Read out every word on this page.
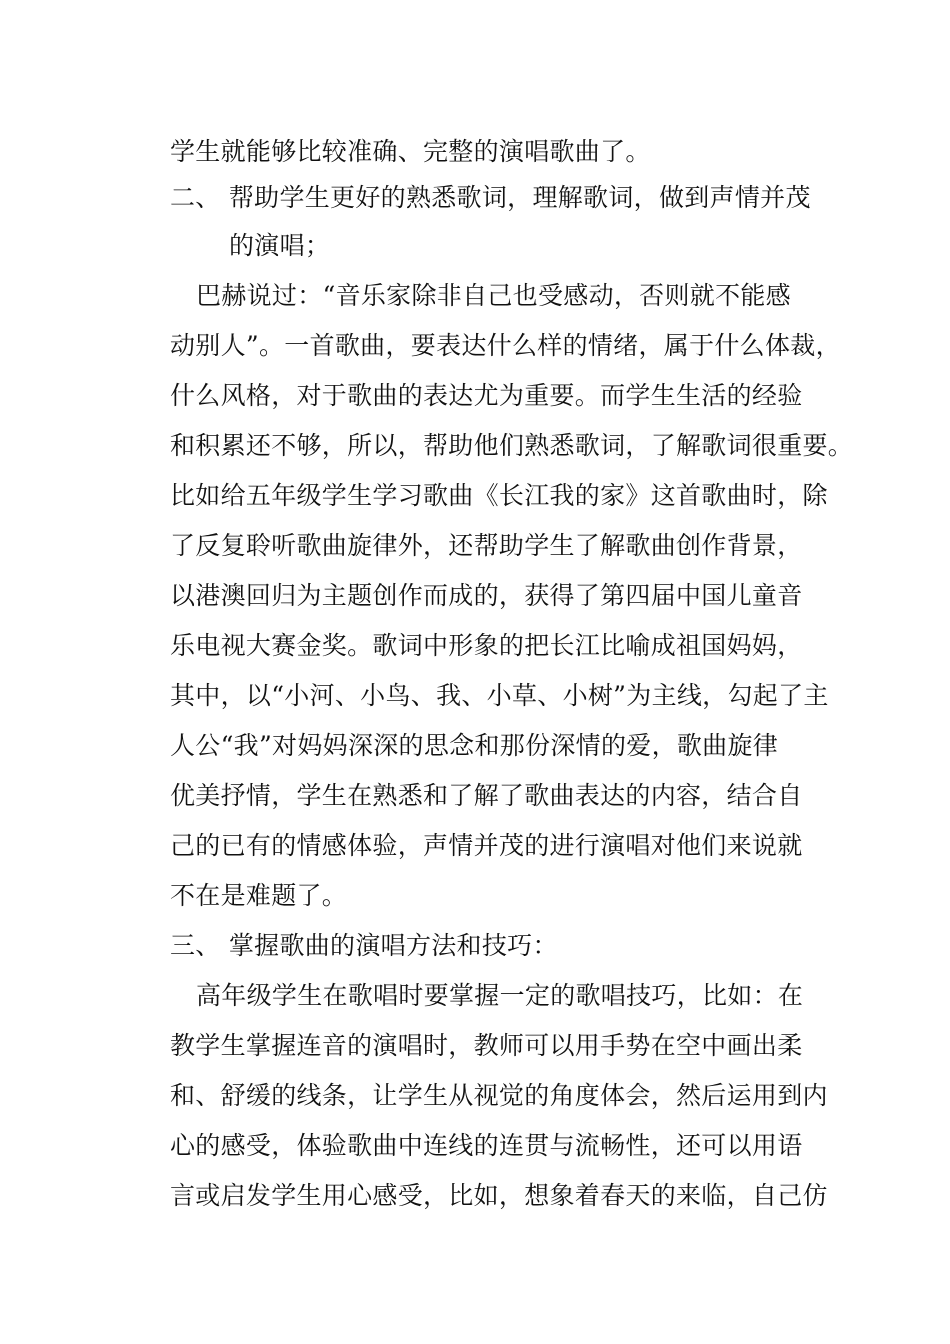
学生就能够比较准确、完整的演唱歌曲了。
二、 帮助学生更好的熟悉歌词，理解歌词，做到声情并茂
的演唱；
巴赫说过：“音乐家除非自己也受感动，否则就不能感
动别人”。一首歌曲，要表达什么样的情绪，属于什么体裁，
什么风格，对于歌曲的表达尤为重要。而学生生活的经验
和积累还不够，所以，帮助他们熟悉歌词，了解歌词很重要。
比如给五年级学生学习歌曲《长江我的家》这首歌曲时，除
了反复聆听歌曲旋律外，还帮助学生了解歌曲创作背景，
以港澳回归为主题创作而成的，获得了第四届中国儿童音
乐电视大赛金奖。歌词中形象的把长江比喻成祖国妈妈，
其中，以“小河、小鸟、我、小草、小树”为主线，勾起了主
人公“我”对妈妈深深的思念和那份深情的爱，歌曲旋律
优美抒情，学生在熟悉和了解了歌曲表达的内容，结合自
己的已有的情感体验，声情并茂的进行演唱对他们来说就
不在是难题了。
三、 掌握歌曲的演唱方法和技巧：
高年级学生在歌唱时要掌握一定的歌唱技巧，比如：在
教学生掌握连音的演唱时，教师可以用手势在空中画出柔
和、舒缓的线条，让学生从视觉的角度体会，然后运用到内
心的感受，体验歌曲中连线的连贯与流畅性，还可以用语
言或启发学生用心感受，比如，想象着春天的来临，自己仿
